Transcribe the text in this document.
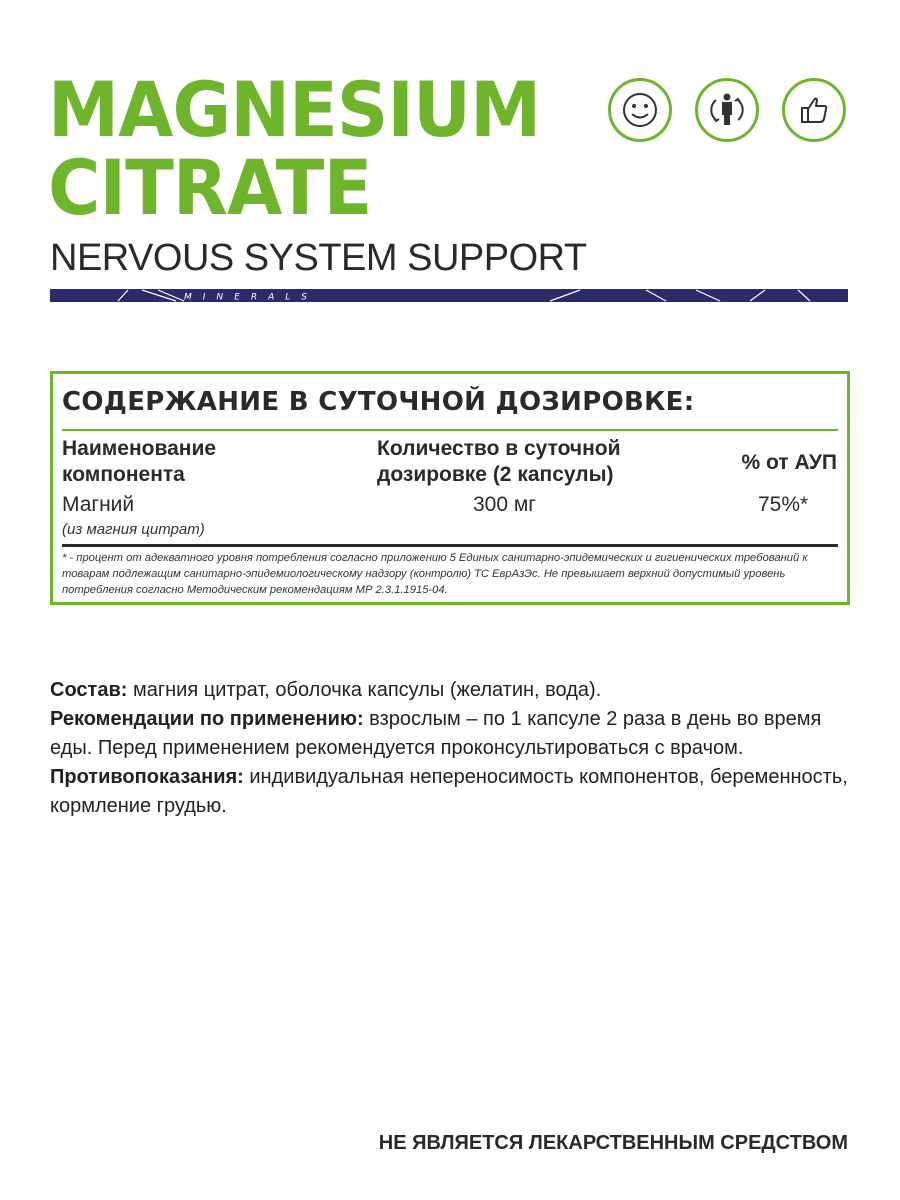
MAGNESIUM
CITRATE
NERVOUS SYSTEM SUPPORT
MINERALS
СОДЕРЖАНИЕ В СУТОЧНОЙ ДОЗИРОВКЕ:
Наименование компонента
Количество в суточной дозировке (2 капсулы)
% от АУП
Магний
(из магния цитрат)
300 мг	75%*
* - процент от адекватного уровня потребления согласно приложению 5 Единых санитарно-эпидемических и гигиенических требований к товарам подлежащим санитарно-эпидемиологическому надзору (контролю) ТС ЕврАзЭс. Не превышает верхний допустимый уровень потребления согласно Методическим рекомендациям МР 2.3.1.1915-04.

Состав: магния цитрат, оболочка капсулы (желатин, вода).

Рекомендации по применению: взрослым – по 1 капсуле 2 раза в день во время еды. Перед применением рекомендуется проконсультироваться с врачом.

Противопоказания: индивидуальная непереносимость компонентов, беременность, кормление грудью.

НЕ ЯВЛЯЕТСЯ ЛЕКАРСТВЕННЫМ СРЕДСТВОМ
